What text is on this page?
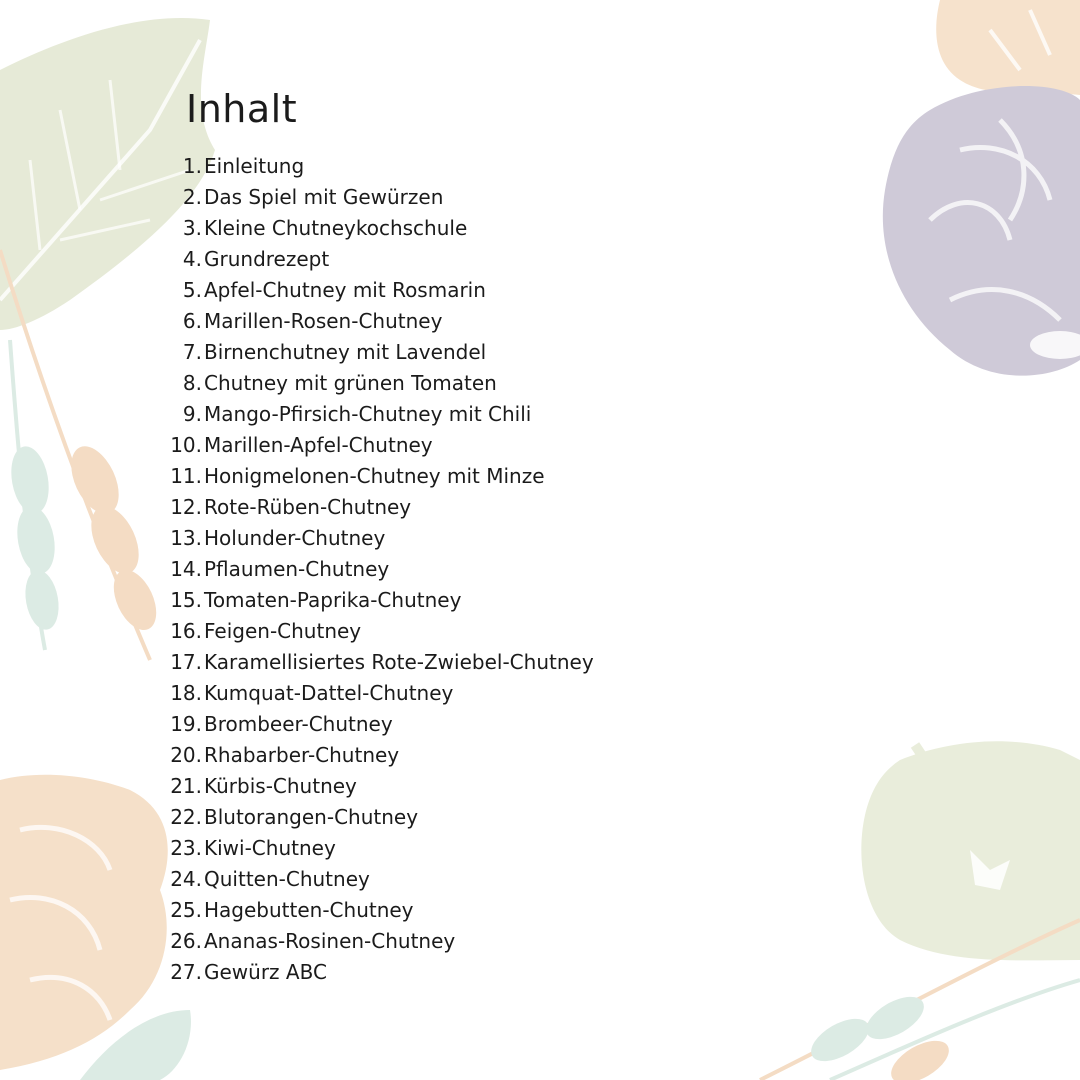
Inhalt
1. Einleitung
2. Das Spiel mit Gewürzen
3. Kleine Chutneykochschule
4. Grundrezept
5. Apfel-Chutney mit Rosmarin
6. Marillen-Rosen-Chutney
7. Birnenchutney mit Lavendel
8. Chutney mit grünen Tomaten
9. Mango-Pfirsich-Chutney mit Chili
10. Marillen-Apfel-Chutney
11. Honigmelonen-Chutney mit Minze
12. Rote-Rüben-Chutney
13. Holunder-Chutney
14. Pflaumen-Chutney
15. Tomaten-Paprika-Chutney
16. Feigen-Chutney
17. Karamellisiertes Rote-Zwiebel-Chutney
18. Kumquat-Dattel-Chutney
19. Brombeer-Chutney
20. Rhabarber-Chutney
21. Kürbis-Chutney
22. Blutorangen-Chutney
23. Kiwi-Chutney
24. Quitten-Chutney
25. Hagebutten-Chutney
26. Ananas-Rosinen-Chutney
27. Gewürz ABC
